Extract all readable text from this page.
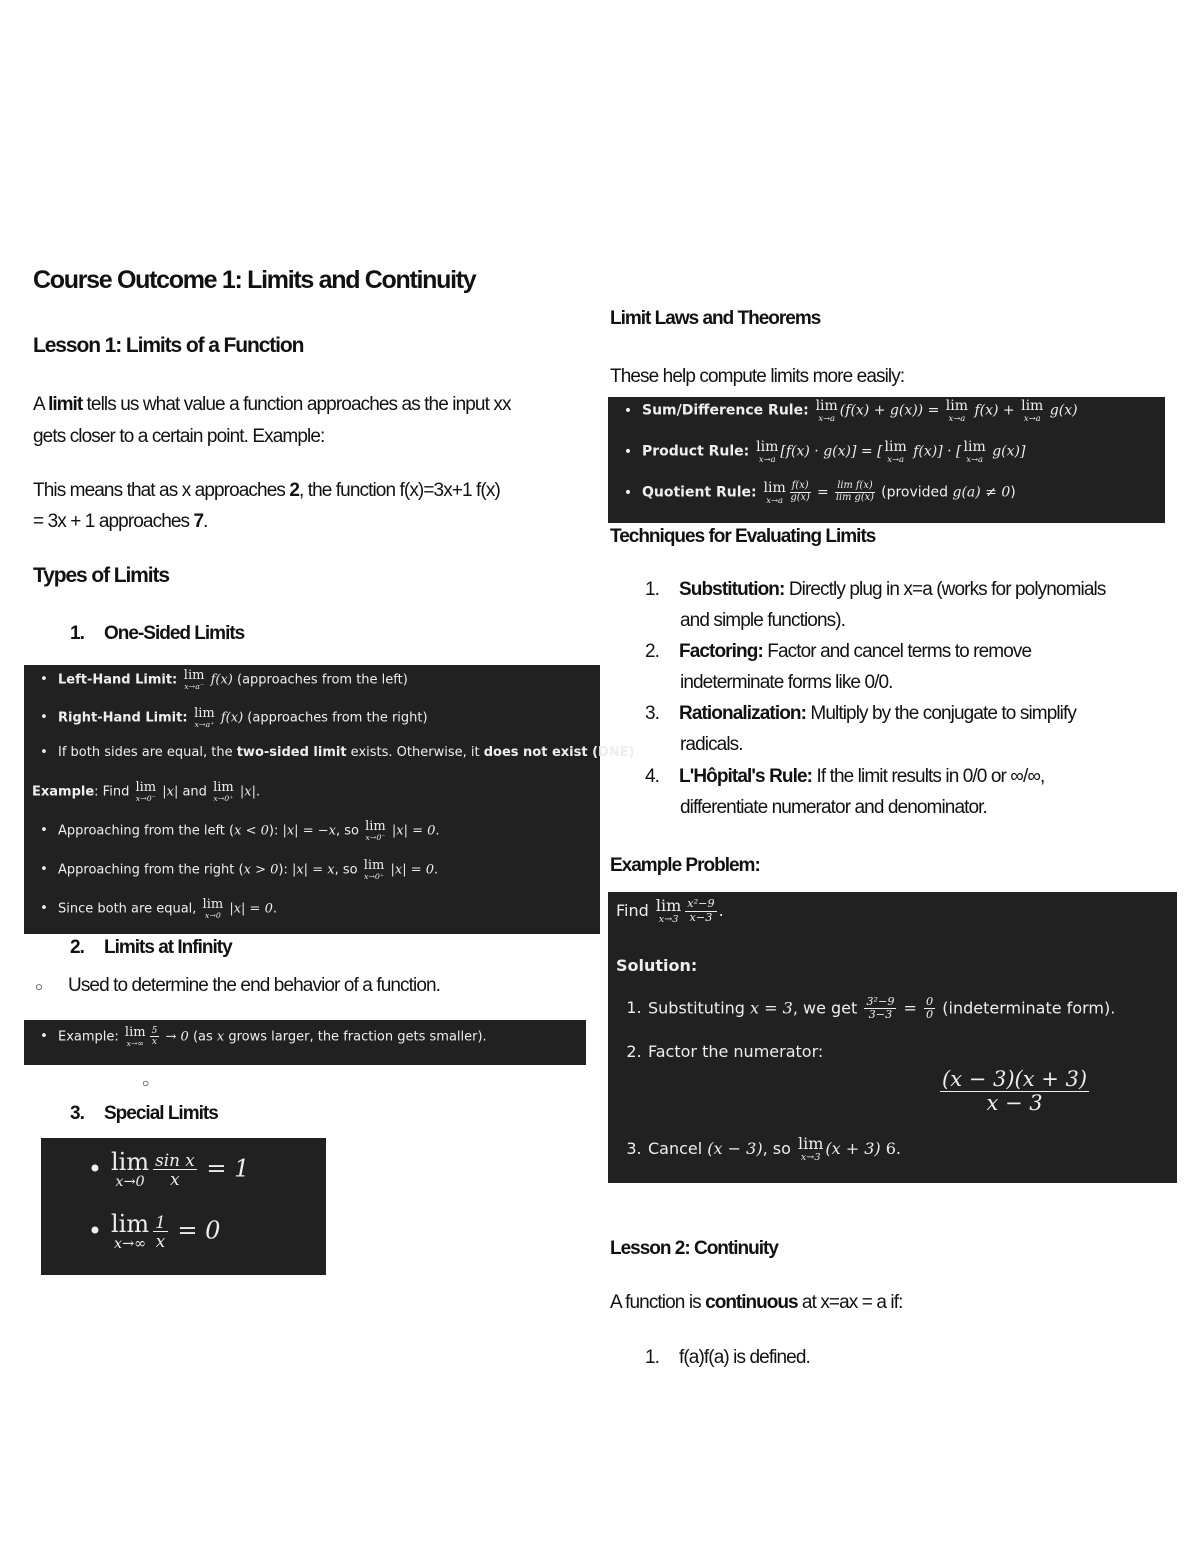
Course Outcome 1: Limits and Continuity
Lesson 1: Limits of a Function
A limit tells us what value a function approaches as the input xx
gets closer to a certain point. Example:
This means that as x approaches 2, the function f(x)=3x+1 f(x)
= 3x + 1 approaches 7.
Types of Limits
1. One-Sided Limits
• Left-Hand Limit: lim
x→a⁻ f(x) (approaches from the left)
• Right-Hand Limit: lim
x→a⁺ f(x) (approaches from the right)
• If both sides are equal, the two-sided limit exists. Otherwise, it does not exist (DNE).
Example: Find lim
x→0⁻ |x| and lim
x→0⁺ |x|.
• Approaching from the left (x < 0): |x| = −x, so lim
x→0⁻ |x| = 0.
• Approaching from the right (x > 0): |x| = x, so lim
x→0⁺ |x| = 0.
• Since both are equal, lim
x→0 |x| = 0.
2. Limits at Infinity
○ Used to determine the end behavior of a function.
• Example: lim
$x\to\infty \frac{5}{x} \to 0$ (as x grows larger, the fraction gets smaller).
○
3. Special Limits
• lim
$x\to 0 \frac{\text{sin x}}{x} = 1$
• lim
$x\to\infty \frac{1}{x} = 0$
Limit Laws and Theorems
These help compute limits more easily:
• Sum/Difference Rule: lim
x→a (f(x) + g(x)) = lim
x→a f(x) + lim
x→a g(x)
• Product Rule: lim
x→a [f(x) · g(x)] = [ lim
x→a f(x)] · [ lim
x→a g(x)]
• Quotient Rule: lim
$x\to a \frac{f(x)}{g(x)} = \frac{\text{lim f(x)}}{\text{lim g(x)}}$ (provided g(a) ≠ 0)
Techniques for Evaluating Limits
1. Substitution: Directly plug in x=a (works for polynomials
and simple functions).
2. Factoring: Factor and cancel terms to remove
indeterminate forms like 0/0.
3. Rationalization: Multiply by the conjugate to simplify
radicals.
4. L'Hôpital's Rule: If the limit results in 0/0 or ∞/∞,
differentiate numerator and denominator.
Example Problem:
Find lim
$x\to 3 \frac{\text{x²−9}}{x-3}$ .
Solution:
1. Substituting x = 3, we get $\frac{\text{3²−9}}{3-3} = \frac{0}{0}$ (indeterminate form).
2. Factor the numerator:
$\frac{(x - 3)(x + 3)}{x - 3}$
3. Cancel (x − 3), so lim
x→3 (x + 3) 6.
Lesson 2: Continuity
A function is continuous at x=ax = a if:
1. f(a)f(a) is defined.
